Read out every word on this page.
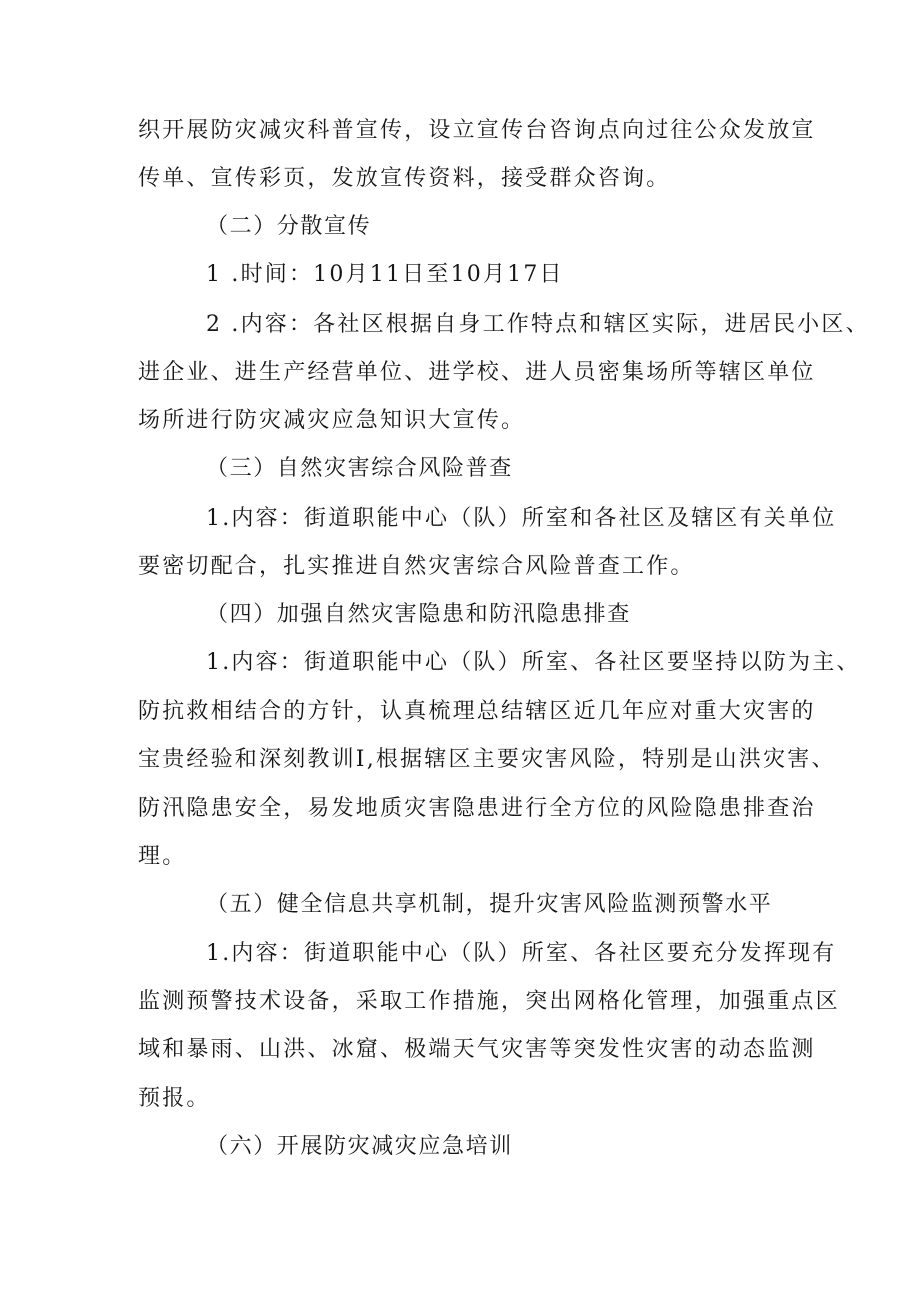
织开展防灾减灾科普宣传，设立宣传台咨询点向过往公众发放宣
传单、宣传彩页，发放宣传资料，接受群众咨询。
（二）分散宣传
1 .时间：10月11日至10月17日
2 .内容：各社区根据自身工作特点和辖区实际，进居民小区、
进企业、进生产经营单位、进学校、进人员密集场所等辖区单位
场所进行防灾减灾应急知识大宣传。
（三）自然灾害综合风险普查
1.内容：街道职能中心（队）所室和各社区及辖区有关单位
要密切配合，扎实推进自然灾害综合风险普查工作。
（四）加强自然灾害隐患和防汛隐患排查
1.内容：街道职能中心（队）所室、各社区要坚持以防为主、
防抗救相结合的方针，认真梳理总结辖区近几年应对重大灾害的
宝贵经验和深刻教训I,根据辖区主要灾害风险，特别是山洪灾害、
防汛隐患安全，易发地质灾害隐患进行全方位的风险隐患排查治
理。
（五）健全信息共享机制，提升灾害风险监测预警水平
1.内容：街道职能中心（队）所室、各社区要充分发挥现有
监测预警技术设备，采取工作措施，突出网格化管理，加强重点区
域和暴雨、山洪、冰窟、极端天气灾害等突发性灾害的动态监测
预报。
（六）开展防灾减灾应急培训
